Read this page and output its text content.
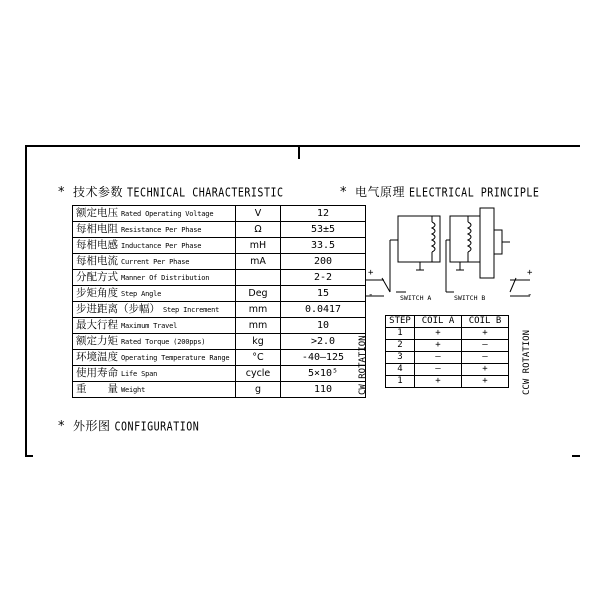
* 技术参数 TECHNICAL CHARACTERISTIC
额定电压 Rated Operating Voltage	V	12
每相电阻 Resistance Per Phase	Ω	53±5
每相电感 Inductance Per Phase	mH	33.5
每相电流 Current Per Phase	mA	200
分配方式 Manner Of Distribution		2-2
步矩角度 Step Angle	Deg	15
步进距离（步幅） Step Increment	mm	0.0417
最大行程 Maximum Travel	mm	10
额定力矩 Rated Torque (200pps)	kg	>2.0
环境温度 Operating Temperature Range	°C	-40—125
使用寿命 Life Span	cycle	5×10⁵
重　　量 Weight	g	110
* 电气原理 ELECTRICAL PRINCIPLE
+
-
+
-
SWITCH A	SWITCH B
CW ROTATION	CCW ROTATION
STEP	COIL A	COIL B
1	+	+
2	+	—
3	—	—
4	—	+
1	+	+
* 外形图 CONFIGURATION
